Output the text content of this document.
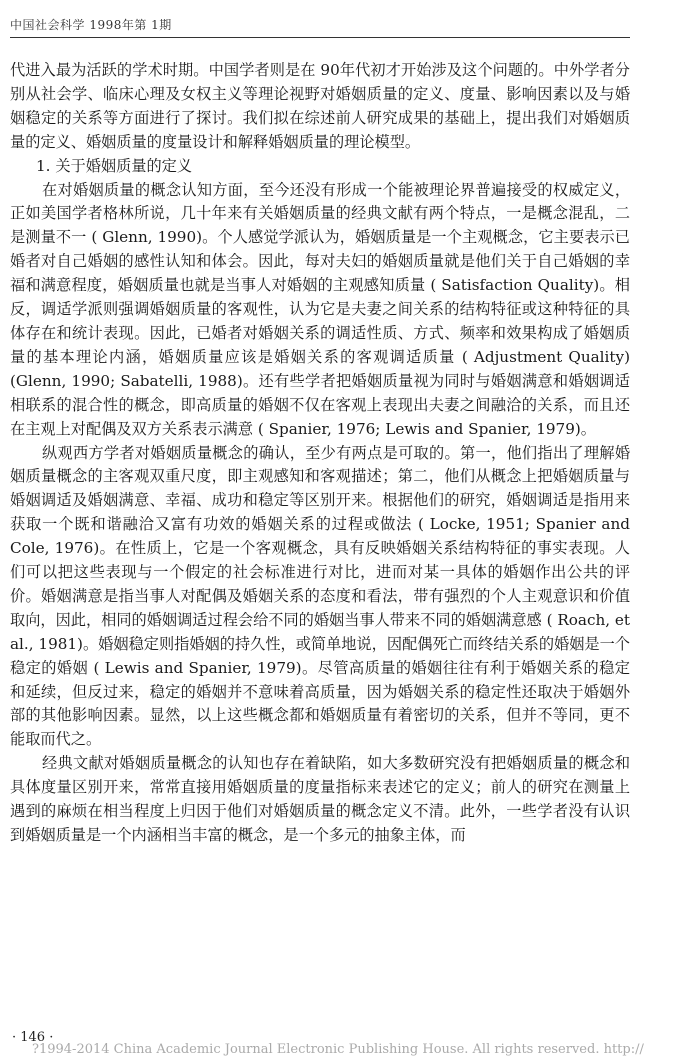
中国社会科学 1998年第 1期

代进入最为活跃的学术时期。中国学者则是在 90年代初才开始涉及这个问题的。中外学者分别从社会学、临床心理及女权主义等理论视野对婚姻质量的定义、度量、影响因素以及与婚姻稳定的关系等方面进行了探讨。我们拟在综述前人研究成果的基础上，提出我们对婚姻质量的定义、婚姻质量的度量设计和解释婚姻质量的理论模型。

1. 关于婚姻质量的定义

在对婚姻质量的概念认知方面，至今还没有形成一个能被理论界普遍接受的权威定义，正如美国学者格林所说，几十年来有关婚姻质量的经典文献有两个特点，一是概念混乱，二是测量不一 ( Glenn, 1990)。个人感觉学派认为，婚姻质量是一个主观概念，它主要表示已婚者对自己婚姻的感性认知和体会。因此，每对夫妇的婚姻质量就是他们关于自己婚姻的幸福和满意程度，婚姻质量也就是当事人对婚姻的主观感知质量 ( Satisfaction Quality)。相反，调适学派则强调婚姻质量的客观性，认为它是夫妻之间关系的结构特征或这种特征的具体存在和统计表现。因此，已婚者对婚姻关系的调适性质、方式、频率和效果构成了婚姻质量的基本理论内涵，婚姻质量应该是婚姻关系的客观调适质量 ( Adjustment Quality) (Glenn, 1990; Sabatelli, 1988)。还有些学者把婚姻质量视为同时与婚姻满意和婚姻调适相联系的混合性的概念，即高质量的婚姻不仅在客观上表现出夫妻之间融洽的关系，而且还在主观上对配偶及双方关系表示满意 ( Spanier, 1976; Lewis and Spanier, 1979)。

纵观西方学者对婚姻质量概念的确认，至少有两点是可取的。第一，他们指出了理解婚姻质量概念的主客观双重尺度，即主观感知和客观描述；第二，他们从概念上把婚姻质量与婚姻调适及婚姻满意、幸福、成功和稳定等区别开来。根据他们的研究，婚姻调适是指用来获取一个既和谐融洽又富有功效的婚姻关系的过程或做法 ( Locke, 1951; Spanier and Cole, 1976)。在性质上，它是一个客观概念，具有反映婚姻关系结构特征的事实表现。人们可以把这些表现与一个假定的社会标准进行对比，进而对某一具体的婚姻作出公共的评价。婚姻满意是指当事人对配偶及婚姻关系的态度和看法，带有强烈的个人主观意识和价值取向，因此，相同的婚姻调适过程会给不同的婚姻当事人带来不同的婚姻满意感 ( Roach, et al., 1981)。婚姻稳定则指婚姻的持久性，或简单地说，因配偶死亡而终结关系的婚姻是一个稳定的婚姻 ( Lewis and Spanier, 1979)。尽管高质量的婚姻往往有利于婚姻关系的稳定和延续，但反过来，稳定的婚姻并不意味着高质量，因为婚姻关系的稳定性还取决于婚姻外部的其他影响因素。显然，以上这些概念都和婚姻质量有着密切的关系，但并不等同，更不能取而代之。

经典文献对婚姻质量概念的认知也存在着缺陷，如大多数研究没有把婚姻质量的概念和具体度量区别开来，常常直接用婚姻质量的度量指标来表述它的定义；前人的研究在测量上遇到的麻烦在相当程度上归因于他们对婚姻质量的概念定义不清。此外，一些学者没有认识到婚姻质量是一个内涵相当丰富的概念，是一个多元的抽象主体，而

· 146 ·
?1994-2014 China Academic Journal Electronic Publishing House. All rights reserved. http://
